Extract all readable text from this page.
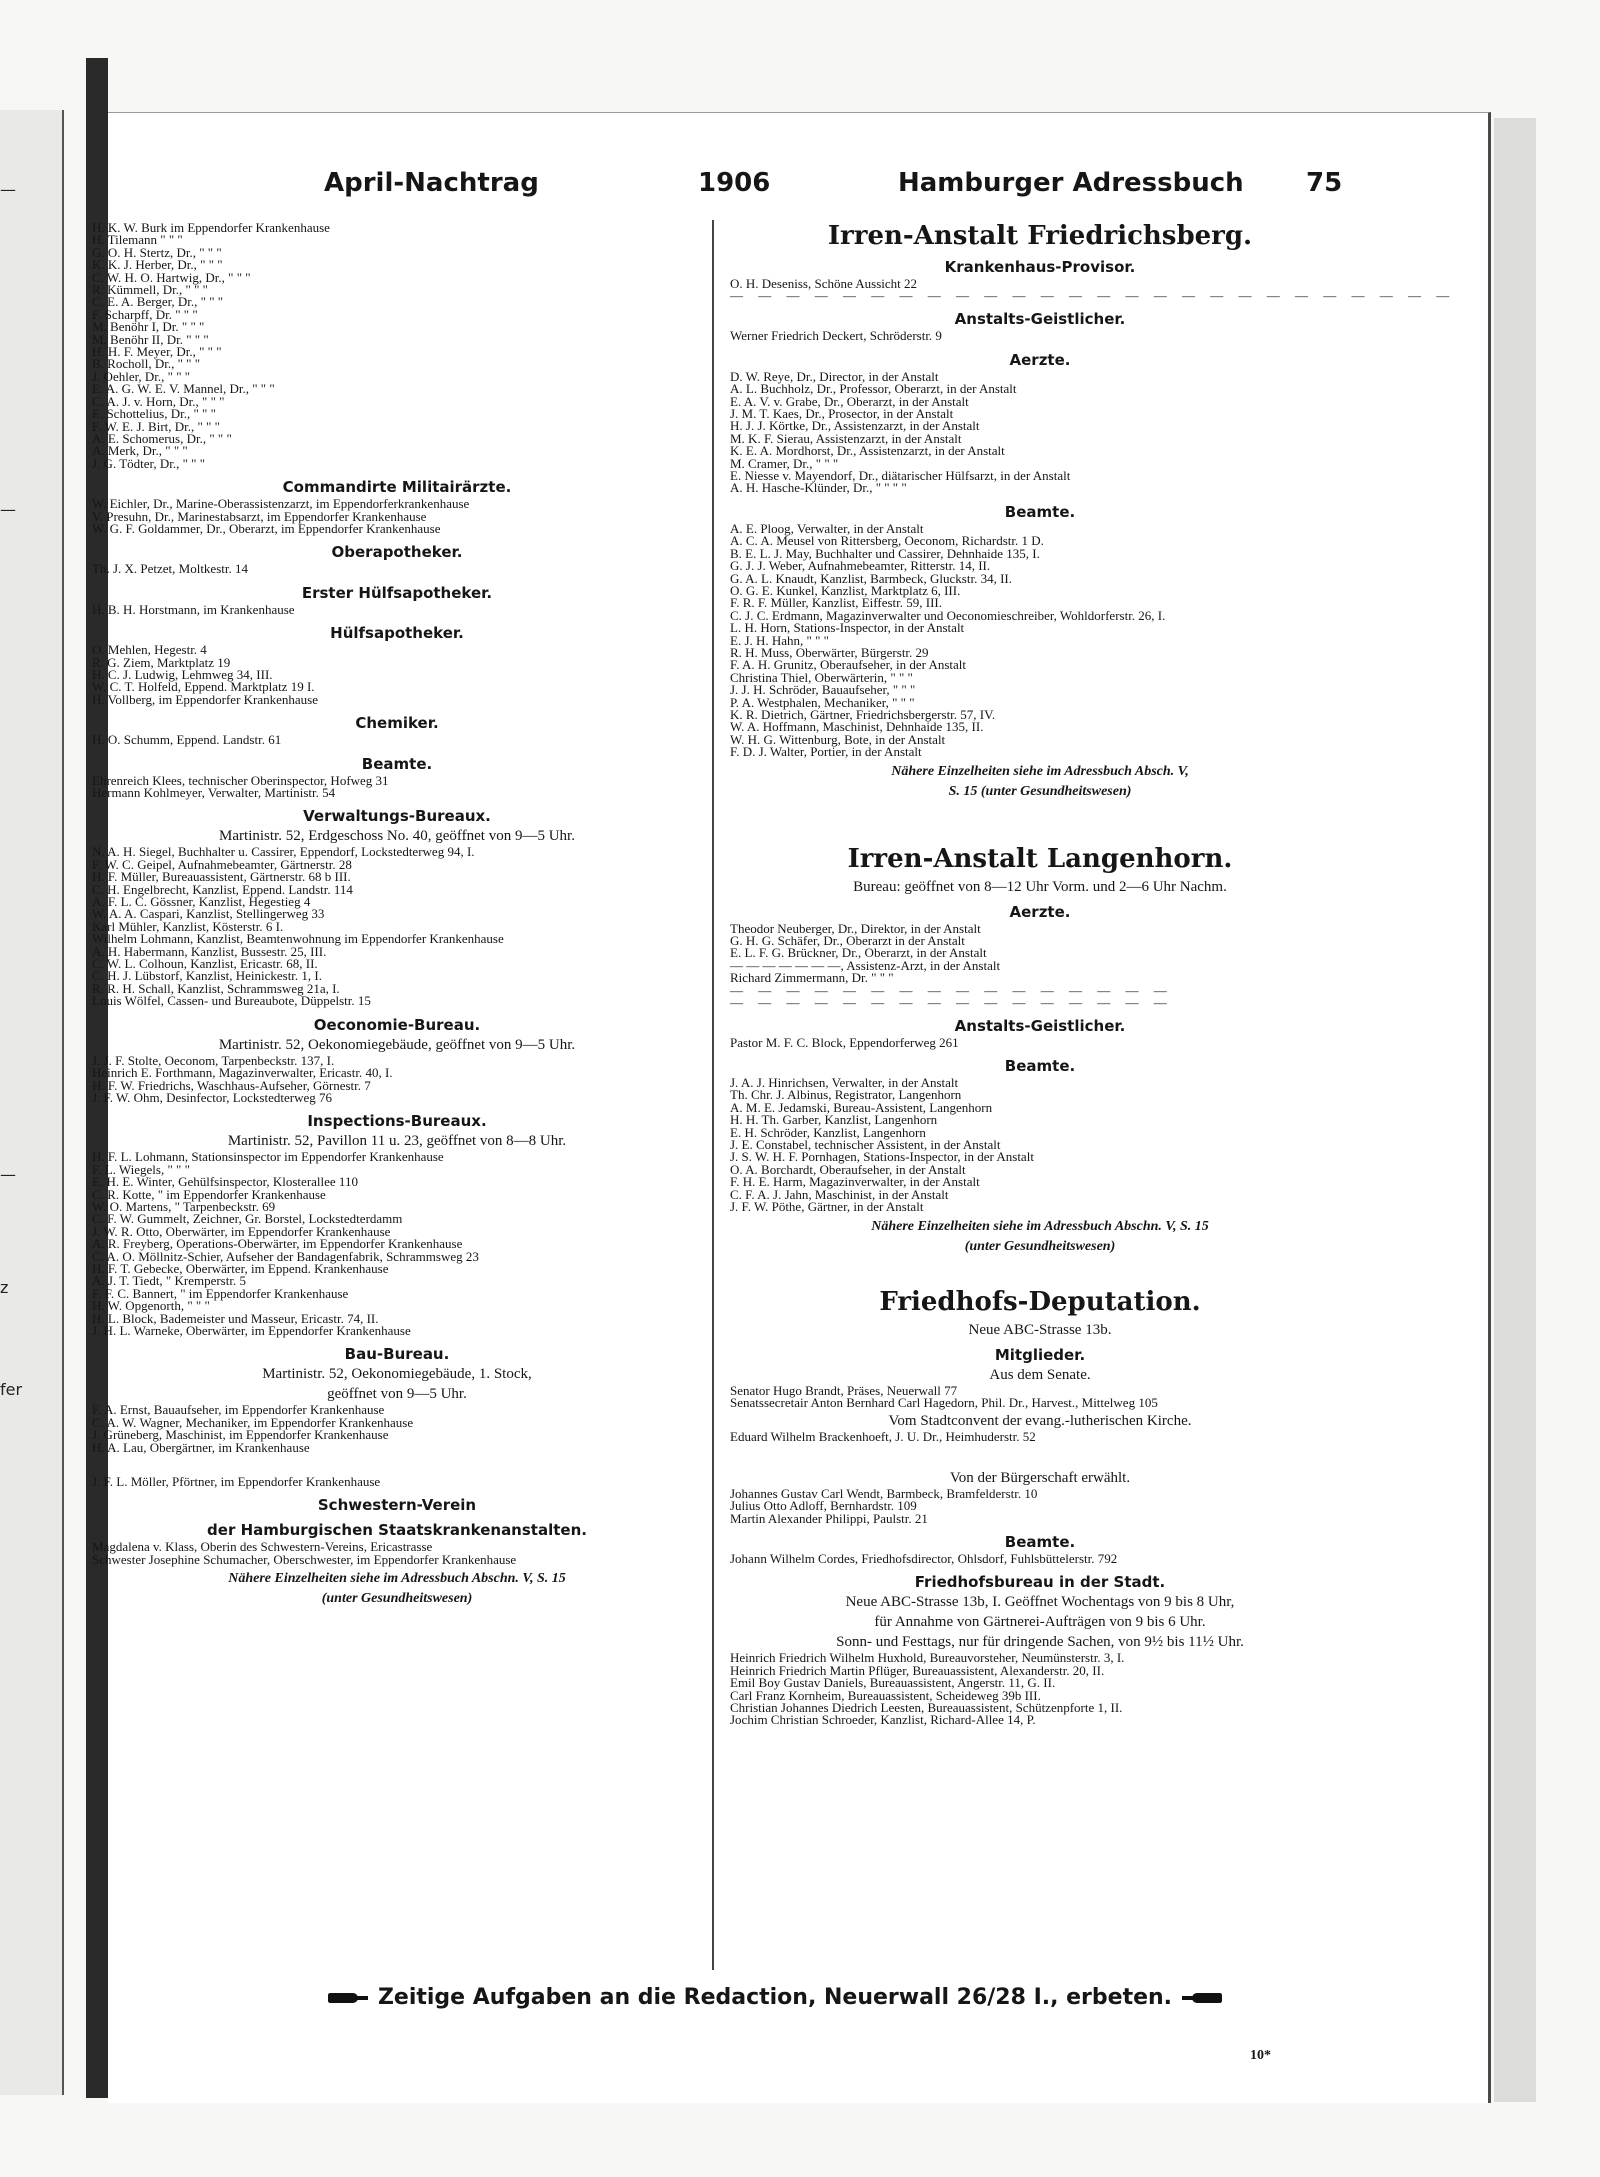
—
—
—
z
fer
April-Nachtrag	1906	Hamburger Adressbuch 75
H. K. W. Burk im Eppendorfer Krankenhause
H. Tilemann " " "
G. O. H. Stertz, Dr., " " "
K. K. J. Herber, Dr., " " "
C. W. H. O. Hartwig, Dr., " " "
R. Kümmell, Dr., " " "
C. E. A. Berger, Dr., " " "
F. Scharpff, Dr. " " "
M. Benöhr I, Dr. " " "
M. Benöhr II, Dr. " " "
H. H. F. Meyer, Dr., " " "
B. Rocholl, Dr., " " "
J. Oehler, Dr., " " "
E. A. G. W. E. V. Mannel, Dr., " " "
C. A. J. v. Horn, Dr., " " "
E. Schottelius, Dr., " " "
F. W. E. J. Birt, Dr., " " "
A. E. Schomerus, Dr., " " "
A. Merk, Dr., " " "
J. G. Tödter, Dr., " " "
Commandirte Militairärzte.
W. Eichler, Dr., Marine-Oberassistenzarzt, im Eppendorferkrankenhause
V. Presuhn, Dr., Marinestabsarzt, im Eppendorfer Krankenhause
W. G. F. Goldammer, Dr., Oberarzt, im Eppendorfer Krankenhause
Oberapotheker.
Th. J. X. Petzet, Moltkestr. 14
Erster Hülfsapotheker.
H. B. H. Horstmann, im Krankenhause
Hülfsapotheker.
O. Mehlen, Hegestr. 4
R. G. Ziem, Marktplatz 19
H. C. J. Ludwig, Lehmweg 34, III.
W. C. T. Holfeld, Eppend. Marktplatz 19 I.
H. Vollberg, im Eppendorfer Krankenhause
Chemiker.
H. O. Schumm, Eppend. Landstr. 61
Beamte.
Ehrenreich Klees, technischer Oberinspector, Hofweg 31
Hermann Kohlmeyer, Verwalter, Martinistr. 54
Verwaltungs-Bureaux.
Martinistr. 52, Erdgeschoss No. 40, geöffnet von 9—5 Uhr.
N. A. H. Siegel, Buchhalter u. Cassirer, Eppendorf, Lockstedterweg 94, I.
F. W. C. Geipel, Aufnahmebeamter, Gärtnerstr. 28
H. F. Müller, Bureauassistent, Gärtnerstr. 68 b III.
C. H. Engelbrecht, Kanzlist, Eppend. Landstr. 114
A. F. L. C. Gössner, Kanzlist, Hegestieg 4
W. A. A. Caspari, Kanzlist, Stellingerweg 33
Karl Mühler, Kanzlist, Kösterstr. 6 I.
Wilhelm Lohmann, Kanzlist, Beamtenwohnung im Eppendorfer Krankenhause
A. H. Habermann, Kanzlist, Bussestr. 25, III.
C. W. L. Colhoun, Kanzlist, Ericastr. 68, II.
C. H. J. Lübstorf, Kanzlist, Heinickestr. 1, I.
R. R. H. Schall, Kanzlist, Schrammsweg 21a, I.
Louis Wölfel, Cassen- und Bureaubote, Düppelstr. 15
Oeconomie-Bureau.
Martinistr. 52, Oekonomiegebäude, geöffnet von 9—5 Uhr.
J. J. F. Stolte, Oeconom, Tarpenbeckstr. 137, I.
Heinrich E. Forthmann, Magazinverwalter, Ericastr. 40, I.
H. F. W. Friedrichs, Waschhaus-Aufseher, Görnestr. 7
J. F. W. Ohm, Desinfector, Lockstedterweg 76
Inspections-Bureaux.
Martinistr. 52, Pavillon 11 u. 23, geöffnet von 8—8 Uhr.
H. F. L. Lohmann, Stationsinspector im Eppendorfer Krankenhause
F. L. Wiegels, " " "
E. H. E. Winter, Gehülfsinspector, Klosterallee 110
C. R. Kotte, " im Eppendorfer Krankenhause
W. O. Martens, " Tarpenbeckstr. 69
C. F. W. Gummelt, Zeichner, Gr. Borstel, Lockstedterdamm
J. W. R. Otto, Oberwärter, im Eppendorfer Krankenhause
A. R. Freyberg, Operations-Oberwärter, im Eppendorfer Krankenhause
C. A. O. Möllnitz-Schier, Aufseher der Bandagenfabrik, Schrammsweg 23
H. F. T. Gebecke, Oberwärter, im Eppend. Krankenhause
A. J. T. Tiedt, " Kremperstr. 5
F. F. C. Bannert, " im Eppendorfer Krankenhause
H. W. Opgenorth, " " "
H. L. Block, Bademeister und Masseur, Ericastr. 74, II.
J. H. L. Warneke, Oberwärter, im Eppendorfer Krankenhause
Bau-Bureau.
Martinistr. 52, Oekonomiegebäude, 1. Stock,
geöffnet von 9—5 Uhr.
F. A. Ernst, Bauaufseher, im Eppendorfer Krankenhause
C. A. W. Wagner, Mechaniker, im Eppendorfer Krankenhause
J. Grüneberg, Maschinist, im Eppendorfer Krankenhause
H. A. Lau, Obergärtner, im Krankenhause
J. F. L. Möller, Pförtner, im Eppendorfer Krankenhause
Schwestern-Verein
der Hamburgischen Staatskrankenanstalten.
Magdalena v. Klass, Oberin des Schwestern-Vereins, Ericastrasse
Schwester Josephine Schumacher, Oberschwester, im Eppendorfer Krankenhause
Nähere Einzelheiten siehe im Adressbuch Abschn. V, S. 15
(unter Gesundheitswesen)
Irren-Anstalt Friedrichsberg.
Krankenhaus-Provisor.
O. H. Deseniss, Schöne Aussicht 22
— — — — — — — — — — — — — — — — — — — — — — — — — —
Anstalts-Geistlicher.
Werner Friedrich Deckert, Schröderstr. 9
Aerzte.
D. W. Reye, Dr., Director, in der Anstalt
A. L. Buchholz, Dr., Professor, Oberarzt, in der Anstalt
E. A. V. v. Grabe, Dr., Oberarzt, in der Anstalt
J. M. T. Kaes, Dr., Prosector, in der Anstalt
H. J. J. Körtke, Dr., Assistenzarzt, in der Anstalt
M. K. F. Sierau, Assistenzarzt, in der Anstalt
K. E. A. Mordhorst, Dr., Assistenzarzt, in der Anstalt
M. Cramer, Dr., " " "
E. Niesse v. Mayendorf, Dr., diätarischer Hülfsarzt, in der Anstalt
A. H. Hasche-Klünder, Dr., " " " "
Beamte.
A. E. Ploog, Verwalter, in der Anstalt
A. C. A. Meusel von Rittersberg, Oeconom, Richardstr. 1 D.
B. E. L. J. May, Buchhalter und Cassirer, Dehnhaide 135, I.
G. J. J. Weber, Aufnahmebeamter, Ritterstr. 14, II.
G. A. L. Knaudt, Kanzlist, Barmbeck, Gluckstr. 34, II.
O. G. E. Kunkel, Kanzlist, Marktplatz 6, III.
F. R. F. Müller, Kanzlist, Eiffestr. 59, III.
C. J. C. Erdmann, Magazinverwalter und Oeconomieschreiber, Wohldorferstr. 26, I.
L. H. Horn, Stations-Inspector, in der Anstalt
E. J. H. Hahn, " " "
R. H. Muss, Oberwärter, Bürgerstr. 29
F. A. H. Grunitz, Oberaufseher, in der Anstalt
Christina Thiel, Oberwärterin, " " "
J. J. H. Schröder, Bauaufseher, " " "
P. A. Westphalen, Mechaniker, " " "
K. R. Dietrich, Gärtner, Friedrichsbergerstr. 57, IV.
W. A. Hoffmann, Maschinist, Dehnhaide 135, II.
W. H. G. Wittenburg, Bote, in der Anstalt
F. D. J. Walter, Portier, in der Anstalt
Nähere Einzelheiten siehe im Adressbuch Absch. V,
S. 15 (unter Gesundheitswesen)
Irren-Anstalt Langenhorn.
Bureau: geöffnet von 8—12 Uhr Vorm. und 2—6 Uhr Nachm.
Aerzte.
Theodor Neuberger, Dr., Direktor, in der Anstalt
G. H. G. Schäfer, Dr., Oberarzt in der Anstalt
E. L. F. G. Brückner, Dr., Oberarzt, in der Anstalt
— — — — — — —, Assistenz-Arzt, in der Anstalt
Richard Zimmermann, Dr. " " "
— — — — — — — — — — — — — — — —
— — — — — — — — — — — — — — — —
Anstalts-Geistlicher.
Pastor M. F. C. Block, Eppendorferweg 261
Beamte.
J. A. J. Hinrichsen, Verwalter, in der Anstalt
Th. Chr. J. Albinus, Registrator, Langenhorn
A. M. E. Jedamski, Bureau-Assistent, Langenhorn
H. H. Th. Garber, Kanzlist, Langenhorn
E. H. Schröder, Kanzlist, Langenhorn
J. E. Constabel, technischer Assistent, in der Anstalt
J. S. W. H. F. Pornhagen, Stations-Inspector, in der Anstalt
O. A. Borchardt, Oberaufseher, in der Anstalt
F. H. E. Harm, Magazinverwalter, in der Anstalt
C. F. A. J. Jahn, Maschinist, in der Anstalt
J. F. W. Pöthe, Gärtner, in der Anstalt
Nähere Einzelheiten siehe im Adressbuch Abschn. V, S. 15
(unter Gesundheitswesen)
Friedhofs-Deputation.
Neue ABC-Strasse 13b.
Mitglieder.
Aus dem Senate.
Senator Hugo Brandt, Präses, Neuerwall 77
Senatssecretair Anton Bernhard Carl Hagedorn, Phil. Dr., Harvest., Mittelweg 105
Vom Stadtconvent der evang.-lutherischen Kirche.
Eduard Wilhelm Brackenhoeft, J. U. Dr., Heimhuderstr. 52
Von der Bürgerschaft erwählt.
Johannes Gustav Carl Wendt, Barmbeck, Bramfelderstr. 10
Julius Otto Adloff, Bernhardstr. 109
Martin Alexander Philippi, Paulstr. 21
Beamte.
Johann Wilhelm Cordes, Friedhofsdirector, Ohlsdorf, Fuhlsbüttelerstr. 792
Friedhofsbureau in der Stadt.
Neue ABC-Strasse 13b, I. Geöffnet Wochentags von 9 bis 8 Uhr,
für Annahme von Gärtnerei-Aufträgen von 9 bis 6 Uhr.
Sonn- und Festtags, nur für dringende Sachen, von 9½ bis 11½ Uhr.
Heinrich Friedrich Wilhelm Huxhold, Bureauvorsteher, Neumünsterstr. 3, I.
Heinrich Friedrich Martin Pflüger, Bureauassistent, Alexanderstr. 20, II.
Emil Boy Gustav Daniels, Bureauassistent, Angerstr. 11, G. II.
Carl Franz Kornheim, Bureauassistent, Scheideweg 39b III.
Christian Johannes Diedrich Leesten, Bureauassistent, Schützenpforte 1, II.
Jochim Christian Schroeder, Kanzlist, Richard-Allee 14, P.
Zeitige Aufgaben an die Redaction, Neuerwall 26/28 I., erbeten.
10*
